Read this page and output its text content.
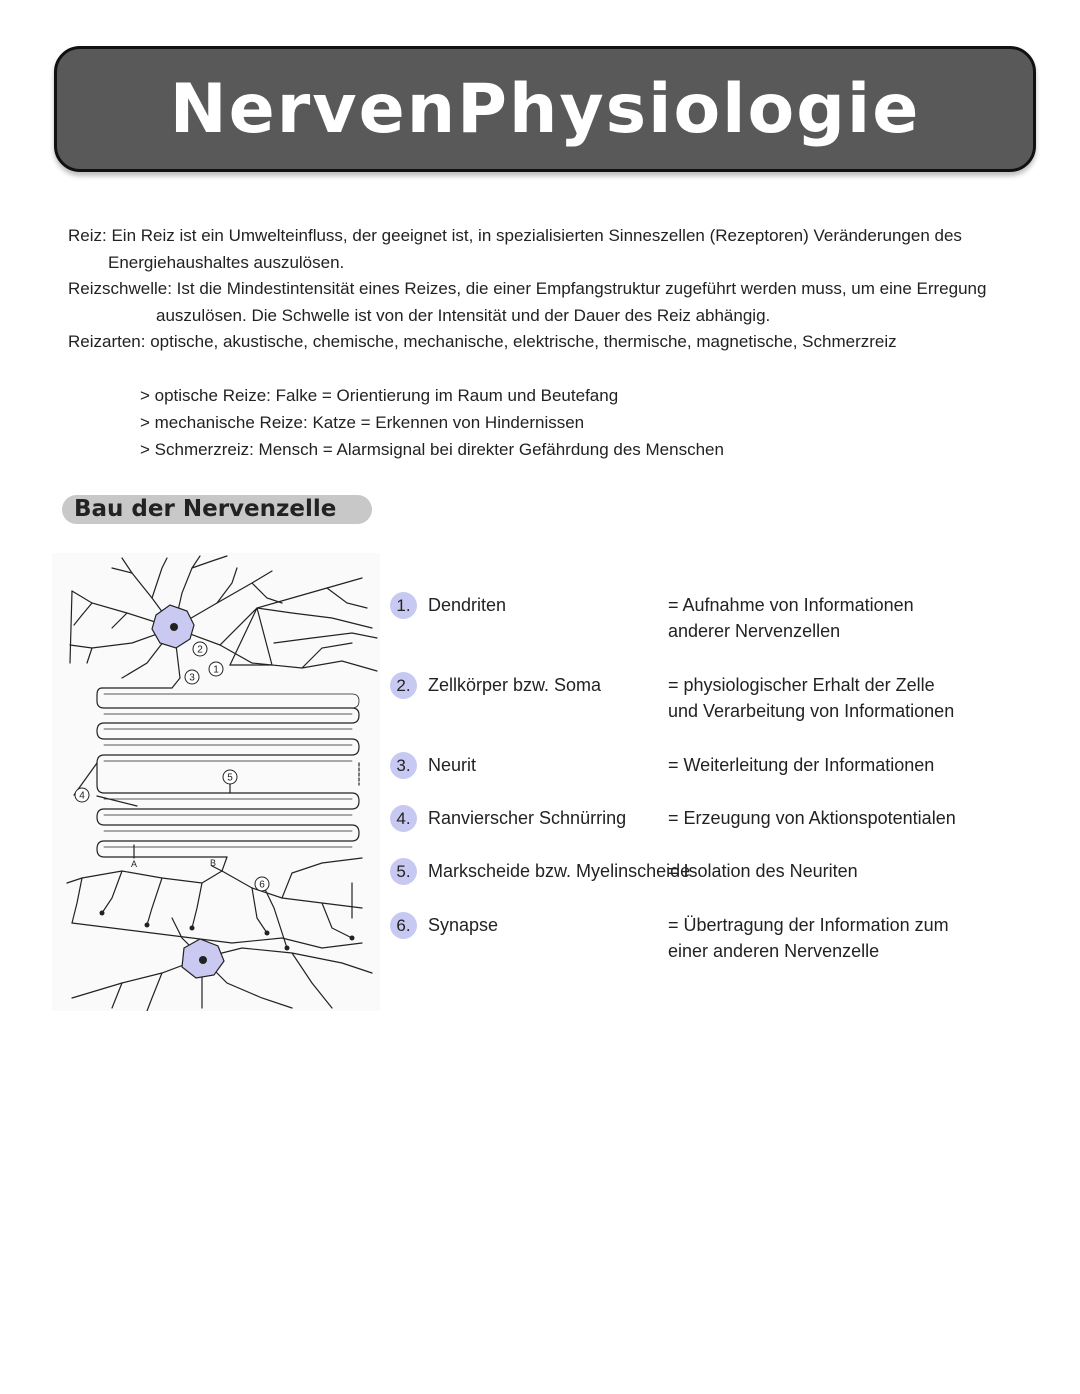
NervenPhysiologie

Reiz: Ein Reiz ist ein Umwelteinfluss, der geeignet ist, in spezialisierten Sinneszellen (Rezeptoren) Veränderungen des

Energiehaushaltes auszulösen.

Reizschwelle: Ist die Mindestintensität eines Reizes, die einer Empfangstruktur zugeführt werden muss, um eine Erregung

auszulösen. Die Schwelle ist von der Intensität und der Dauer des Reiz abhängig.

Reizarten: optische, akustische, chemische, mechanische, elektrische, thermische, magnetische, Schmerzreiz

> optische Reize: Falke = Orientierung im Raum und Beutefang

> mechanische Reize: Katze = Erkennen von Hindernissen

> Schmerzreiz: Mensch = Alarmsignal bei direkter Gefährdung des Menschen

Bau der Nervenzelle
2
1
3
5
4
6
A	B
1. Dendriten	= Aufnahme von Informationen anderer Nervenzellen
2. Zellkörper bzw. Soma	= physiologischer Erhalt der Zelle und Verarbeitung von Informationen
3. Neurit	= Weiterleitung der Informationen
4. Ranvierscher Schnürring = Erzeugung von Aktionspotentialen
5. Markscheide bzw. Myelinscheide
= Isolation des Neuriten
6. Synapse	= Übertragung der Information zum einer anderen Nervenzelle
